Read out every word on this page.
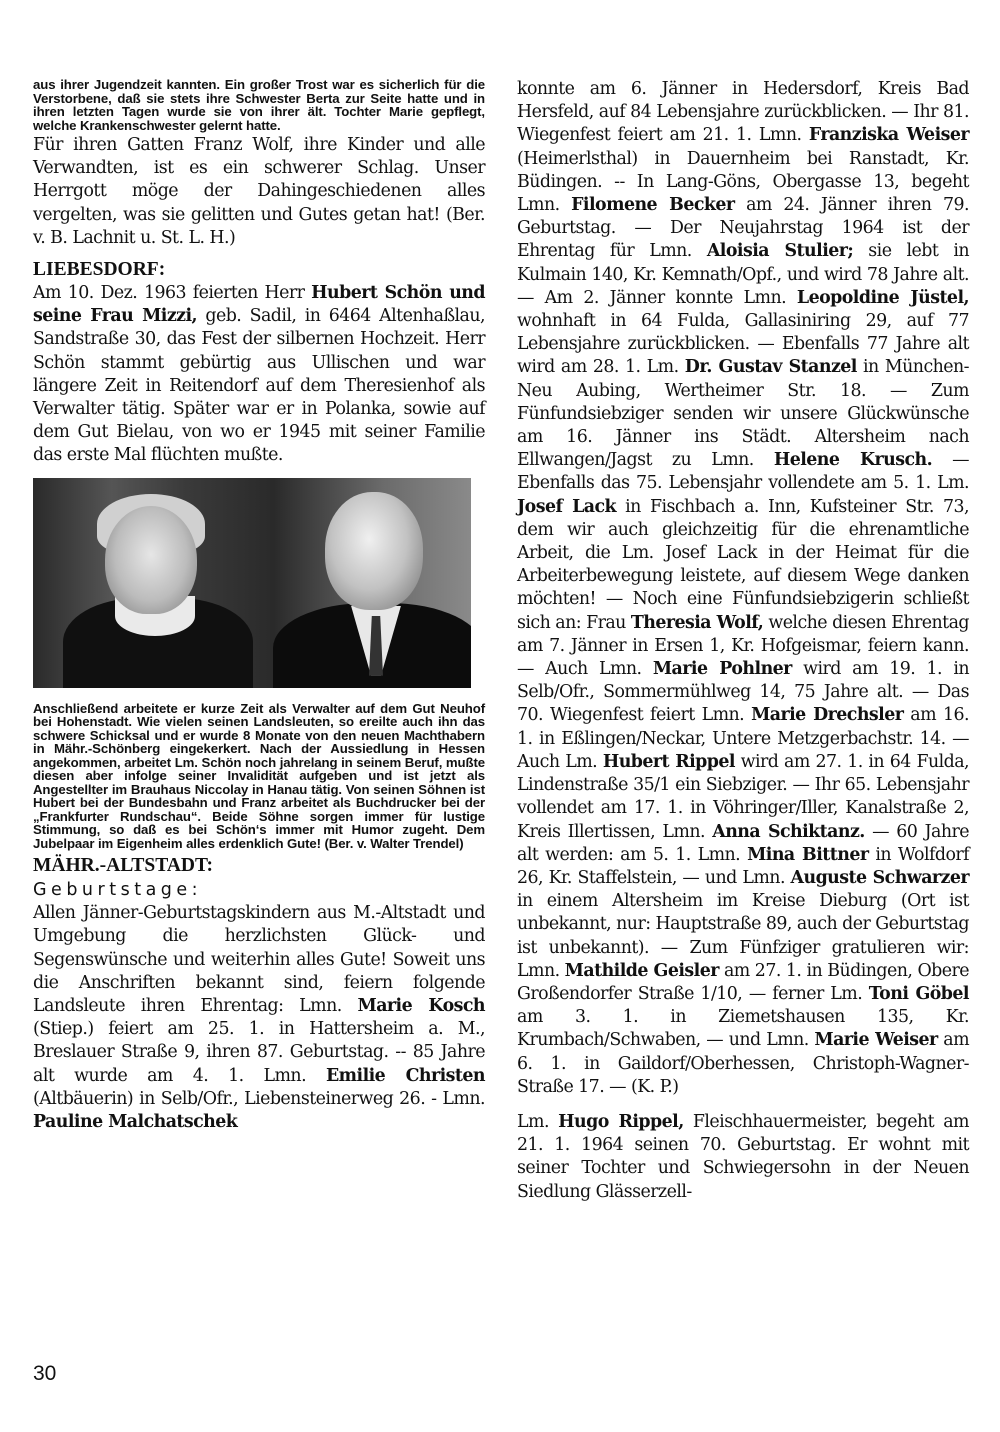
aus ihrer Jugendzeit kannten. Ein großer Trost war es sicherlich für die Verstorbene, daß sie stets ihre Schwester Berta zur Seite hatte und in ihren letzten Tagen wurde sie von ihrer ält. Tochter Marie gepflegt, welche Krankenschwester gelernt hatte.

Für ihren Gatten Franz Wolf, ihre Kinder und alle Verwandten, ist es ein schwerer Schlag. Unser Herrgott möge der Dahingeschiedenen alles vergelten, was sie gelitten und Gutes getan hat! (Ber. v. B. Lachnit u. St. L. H.)

LIEBESDORF:

Am 10. Dez. 1963 feierten Herr Hubert Schön und seine Frau Mizzi, geb. Sadil, in 6464 Altenhaßlau, Sandstraße 30, das Fest der silbernen Hochzeit. Herr Schön stammt gebürtig aus Ullischen und war längere Zeit in Reitendorf auf dem Theresienhof als Verwalter tätig. Später war er in Polanka, sowie auf dem Gut Bielau, von wo er 1945 mit seiner Familie das erste Mal flüchten mußte.

Anschließend arbeitete er kurze Zeit als Verwalter auf dem Gut Neuhof bei Hohenstadt. Wie vielen seinen Landsleuten, so ereilte auch ihn das schwere Schicksal und er wurde 8 Monate von den neuen Machthabern in Mähr.-Schönberg eingekerkert. Nach der Aussiedlung in Hessen angekommen, arbeitet Lm. Schön noch jahrelang in seinem Beruf, mußte diesen aber infolge seiner Invalidität aufgeben und ist jetzt als Angestellter im Brauhaus Niccolay in Hanau tätig. Von seinen Söhnen ist Hubert bei der Bundesbahn und Franz arbeitet als Buchdrucker bei der „Frankfurter Rundschau“. Beide Söhne sorgen immer für lustige Stimmung, so daß es bei Schön‘s immer mit Humor zugeht. Dem Jubelpaar im Eigenheim alles erdenklich Gute! (Ber. v. Walter Trendel)

MÄHR.-ALTSTADT:

Geburtstage:

Allen Jänner-Geburtstagskindern aus M.-Altstadt und Umgebung die herzlichsten Glück- und Segenswünsche und weiterhin alles Gute! Soweit uns die Anschriften bekannt sind, feiern folgende Landsleute ihren Ehrentag: Lmn. Marie Kosch (Stiep.) feiert am 25. 1. in Hattersheim a. M., Breslauer Straße 9, ihren 87. Geburtstag. -- 85 Jahre alt wurde am 4. 1. Lmn. Emilie Christen (Altbäuerin) in Selb/Ofr., Liebensteinerweg 26. - Lmn. Pauline Malchatschek

konnte am 6. Jänner in Hedersdorf, Kreis Bad Hersfeld, auf 84 Lebensjahre zurückblicken. — Ihr 81. Wiegenfest feiert am 21. 1. Lmn. Franziska Weiser (Heimerlsthal) in Dauernheim bei Ranstadt, Kr. Büdingen. -- In Lang-Göns, Obergasse 13, begeht Lmn. Filomene Becker am 24. Jänner ihren 79. Geburtstag. — Der Neujahrstag 1964 ist der Ehrentag für Lmn. Aloisia Stulier; sie lebt in Kulmain 140, Kr. Kemnath/Opf., und wird 78 Jahre alt. — Am 2. Jänner konnte Lmn. Leopoldine Jüstel, wohnhaft in 64 Fulda, Gallasiniring 29, auf 77 Lebensjahre zurückblicken. — Ebenfalls 77 Jahre alt wird am 28. 1. Lm. Dr. Gustav Stanzel in München-Neu Aubing, Wertheimer Str. 18. — Zum Fünfundsiebziger senden wir unsere Glückwünsche am 16. Jänner ins Städt. Altersheim nach Ellwangen/Jagst zu Lmn. Helene Krusch. — Ebenfalls das 75. Lebensjahr vollendete am 5. 1. Lm. Josef Lack in Fischbach a. Inn, Kufsteiner Str. 73, dem wir auch gleichzeitig für die ehrenamtliche Arbeit, die Lm. Josef Lack in der Heimat für die Arbeiterbewegung leistete, auf diesem Wege danken möchten! — Noch eine Fünfundsiebzigerin schließt sich an: Frau Theresia Wolf, welche diesen Ehrentag am 7. Jänner in Ersen 1, Kr. Hofgeismar, feiern kann. — Auch Lmn. Marie Pohlner wird am 19. 1. in Selb/Ofr., Sommermühlweg 14, 75 Jahre alt. — Das 70. Wiegenfest feiert Lmn. Marie Drechsler am 16. 1. in Eßlingen/Neckar, Untere Metzgerbachstr. 14. — Auch Lm. Hubert Rippel wird am 27. 1. in 64 Fulda, Lindenstraße 35/1 ein Siebziger. — Ihr 65. Lebensjahr vollendet am 17. 1. in Vöhringer/Iller, Kanalstraße 2, Kreis Illertissen, Lmn. Anna Schiktanz. — 60 Jahre alt werden: am 5. 1. Lmn. Mina Bittner in Wolfdorf 26, Kr. Staffelstein, — und Lmn. Auguste Schwarzer in einem Altersheim im Kreise Dieburg (Ort ist unbekannt, nur: Hauptstraße 89, auch der Geburtstag ist unbekannt). — Zum Fünfziger gratulieren wir: Lmn. Mathilde Geisler am 27. 1. in Büdingen, Obere Großendorfer Straße 1/10, — ferner Lm. Toni Göbel am 3. 1. in Ziemetshausen 135, Kr. Krumbach/Schwaben, — und Lmn. Marie Weiser am 6. 1. in Gaildorf/Oberhessen, Christoph-Wagner-Straße 17. — (K. P.)

Lm. Hugo Rippel, Fleischhauermeister, begeht am 21. 1. 1964 seinen 70. Geburtstag. Er wohnt mit seiner Tochter und Schwiegersohn in der Neuen Siedlung Glässerzell-

30
